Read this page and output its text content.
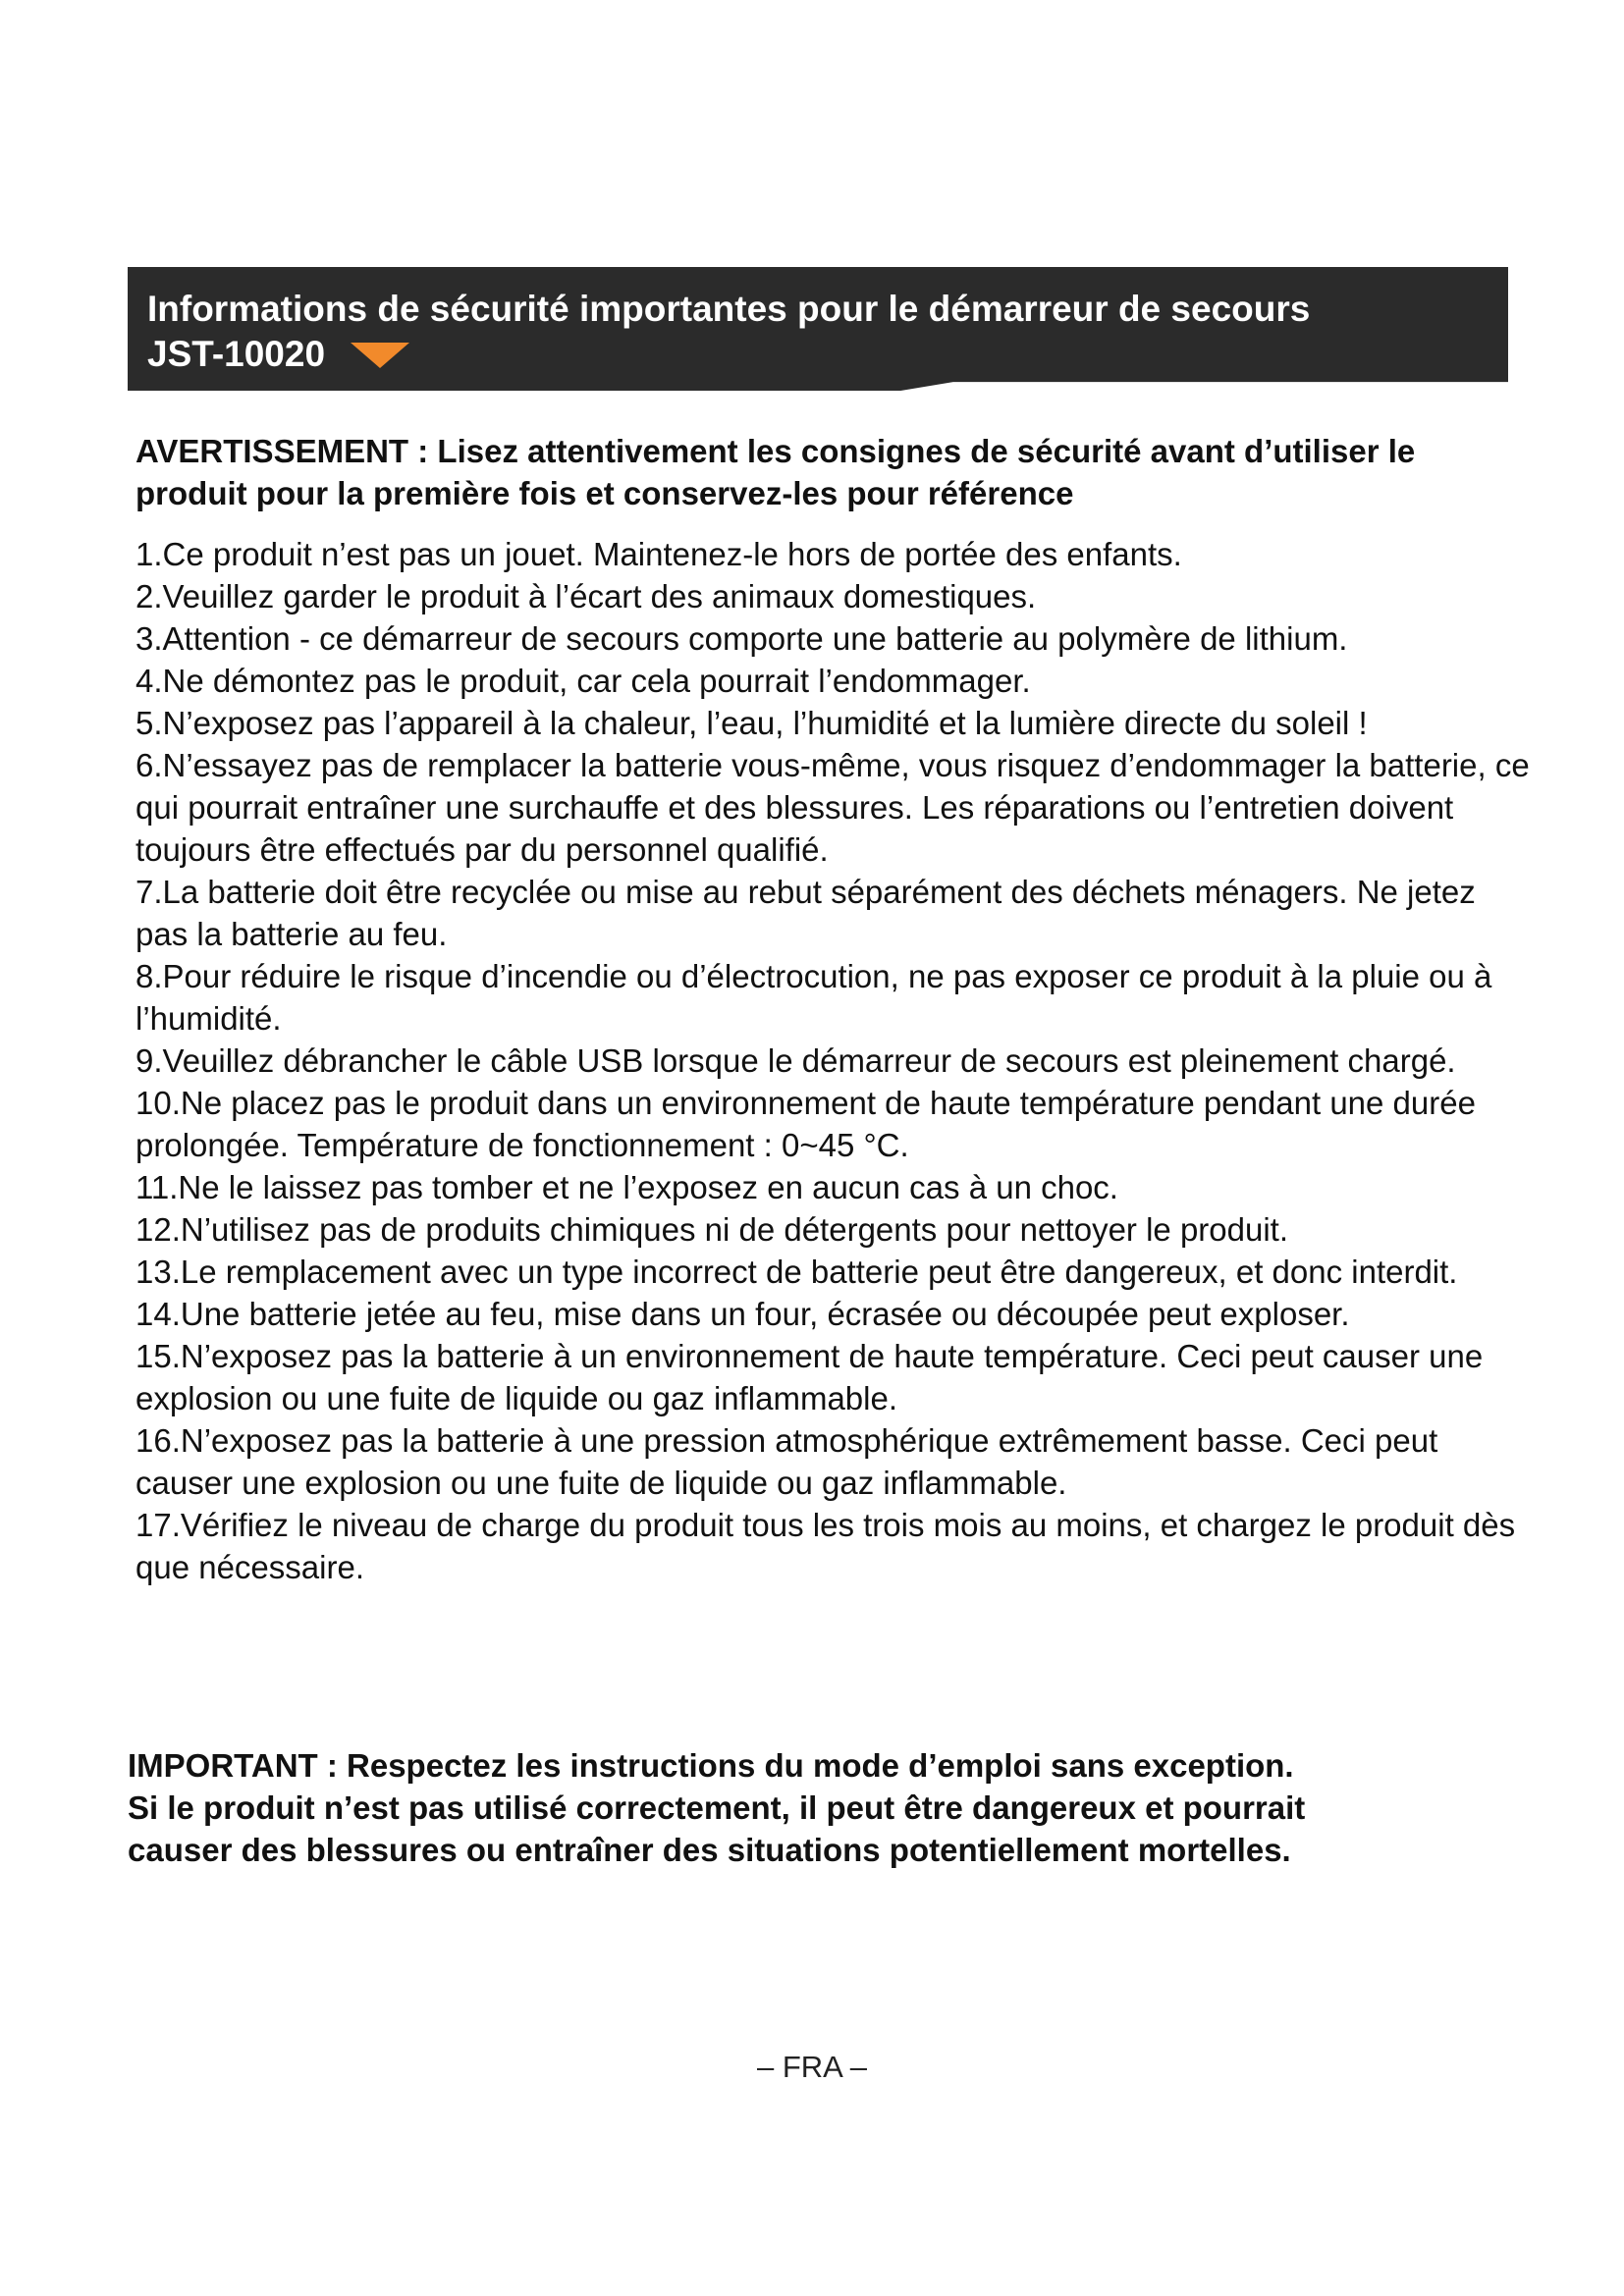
Informations de sécurité importantes pour le démarreur de secours
JST-10020
AVERTISSEMENT : Lisez attentivement les consignes de sécurité avant d’utiliser le produit pour la première fois et conservez-les pour référence
1.Ce produit n’est pas un jouet. Maintenez-le hors de portée des enfants.
2.Veuillez garder le produit à l’écart des animaux domestiques.
3.Attention - ce démarreur de secours comporte une batterie au polymère de lithium.
4.Ne démontez pas le produit, car cela pourrait l’endommager.
5.N’exposez pas l’appareil à la chaleur, l’eau, l’humidité et la lumière directe du soleil !
6.N’essayez pas de remplacer la batterie vous-même, vous risquez d’endommager la batterie, ce qui pourrait entraîner une surchauffe et des blessures. Les réparations ou l’entretien doivent toujours être effectués par du personnel qualifié.
7.La batterie doit être recyclée ou mise au rebut séparément des déchets ménagers. Ne jetez pas la batterie au feu.
8.Pour réduire le risque d’incendie ou d’électrocution, ne pas exposer ce produit à la pluie ou à l’humidité.
9.Veuillez débrancher le câble USB lorsque le démarreur de secours est pleinement chargé.
10.Ne placez pas le produit dans un environnement de haute température pendant une durée prolongée. Température de fonctionnement : 0~45 °C.
11.Ne le laissez pas tomber et ne l’exposez en aucun cas à un choc.
12.N’utilisez pas de produits chimiques ni de détergents pour nettoyer le produit.
13.Le remplacement avec un type incorrect de batterie peut être dangereux, et donc interdit.
14.Une batterie jetée au feu, mise dans un four, écrasée ou découpée peut exploser.
15.N’exposez pas la batterie à un environnement de haute température. Ceci peut causer une explosion ou une fuite de liquide ou gaz inflammable.
16.N’exposez pas la batterie à une pression atmosphérique extrêmement basse. Ceci peut causer une explosion ou une fuite de liquide ou gaz inflammable.
17.Vérifiez le niveau de charge du produit tous les trois mois au moins, et chargez le produit dès que nécessaire.
IMPORTANT : Respectez les instructions du mode d’emploi sans exception.
Si le produit n’est pas utilisé correctement, il peut être dangereux et pourrait
causer des blessures ou entraîner des situations potentiellement mortelles.
– FRA –
